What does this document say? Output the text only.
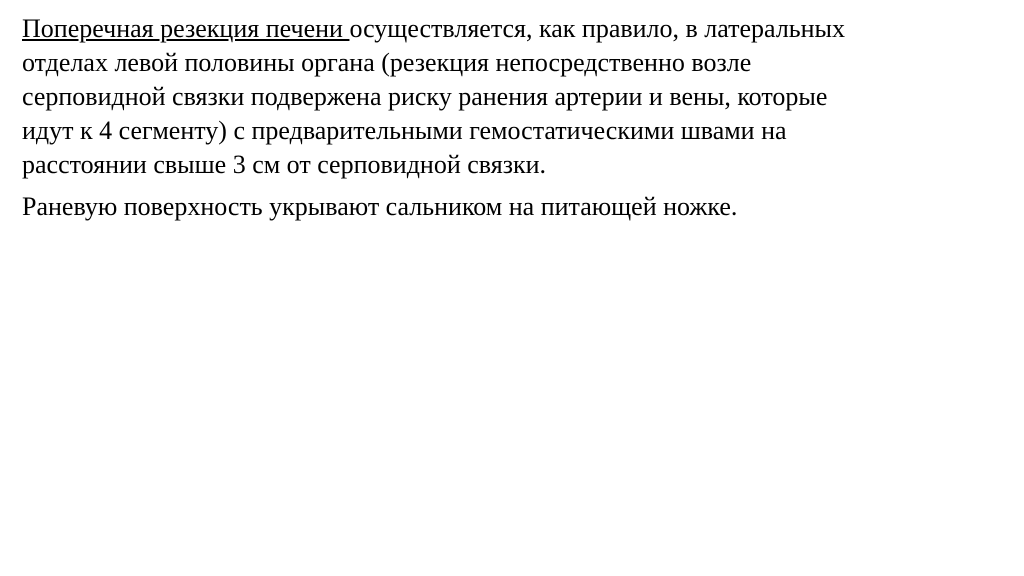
Поперечная резекция печени осуществляется, как правило, в латеральных
отделах левой половины органа (резекция непосредственно возле
серповидной связки подвержена риску ранения артерии и вены, которые
идут к 4 сегменту) с предварительными гемостатическими швами на
расстоянии свыше 3 см от серповидной связки.

Раневую поверхность укрывают сальником на питающей ножке.
